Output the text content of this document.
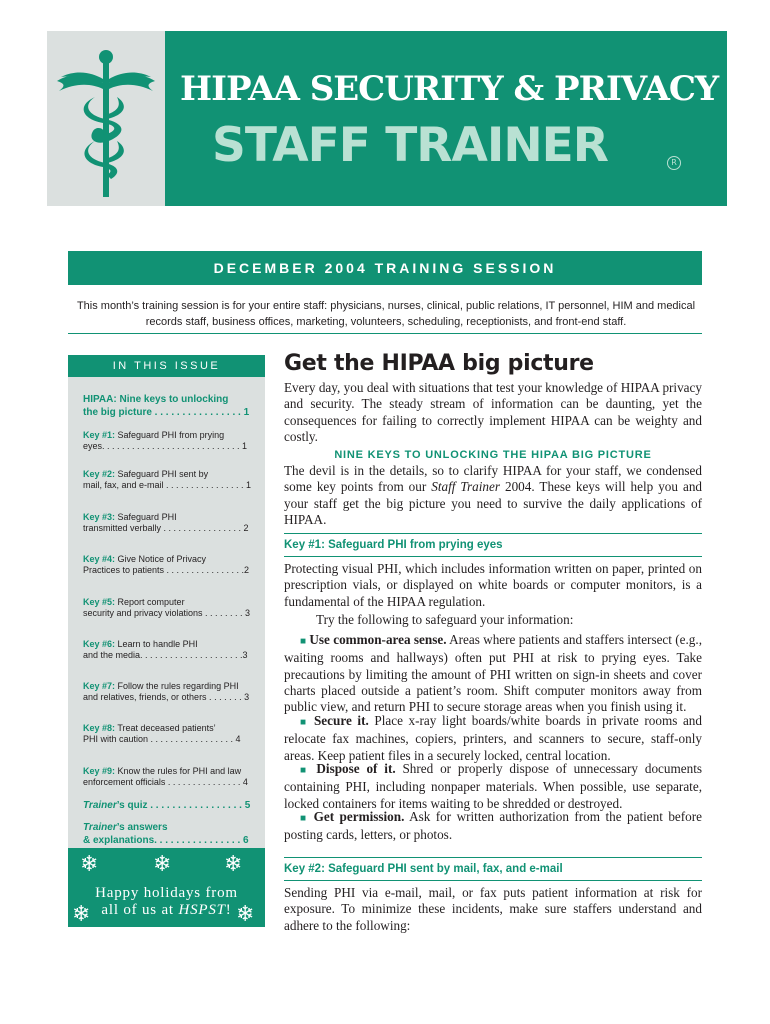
HIPAA SECURITY & PRIVACY
STAFF TRAINER	R
DECEMBER 2004 TRAINING SESSION
This month’s training session is for your entire staff: physicians, nurses, clinical, public relations, IT personnel, HIM and medical
records staff, business offices, marketing, volunteers, scheduling, receptionists, and front-end staff.
IN THIS ISSUE
HIPAA: Nine keys to unlocking
the big picture . . . . . . . . . . . . . . . . 1
Key #1: Safeguard PHI from prying
eyes. . . . . . . . . . . . . . . . . . . . . . . . . . . . 1
Key #2: Safeguard PHI sent by
mail, fax, and e-mail . . . . . . . . . . . . . . . . 1
Key #3: Safeguard PHI
transmitted verbally . . . . . . . . . . . . . . . . 2
Key #4: Give Notice of Privacy
Practices to patients . . . . . . . . . . . . . . . .2
Key #5: Report computer
security and privacy violations . . . . . . . . 3
Key #6: Learn to handle PHI
and the media. . . . . . . . . . . . . . . . . . . . .3
Key #7: Follow the rules regarding PHI
and relatives, friends, or others . . . . . . . 3
Key #8: Treat deceased patients’
PHI with caution . . . . . . . . . . . . . . . . . 4
Key #9: Know the rules for PHI and law
enforcement officials . . . . . . . . . . . . . . . 4
Trainer’s quiz . . . . . . . . . . . . . . . . . 5
Trainer’s answers
& explanations. . . . . . . . . . . . . . . . 6
❄ ❄ ❄
❄	❄
Happy holidays from
all of us at HSPST!
Get the HIPAA big picture
Every day, you deal with situations that test your knowledge of HIPAA privacy and security. The steady stream of information can be daunting, yet the consequences for failing to correctly implement HIPAA can be weighty and costly.
NINE KEYS TO UNLOCKING THE HIPAA BIG PICTURE
The devil is in the details, so to clarify HIPAA for your staff, we condensed some key points from our Staff Trainer 2004. These keys will help you and your staff get the big picture you need to survive the daily applications of HIPAA.
Key #1: Safeguard PHI from prying eyes
Protecting visual PHI, which includes information written on paper, printed on prescription vials, or displayed on white boards or computer monitors, is a fundamental of the HIPAA regulation.
Try the following to safeguard your information:
■ Use common-area sense. Areas where patients and staffers intersect (e.g., waiting rooms and hallways) often put PHI at risk to prying eyes. Take precautions by limiting the amount of PHI written on sign-in sheets and cover charts placed outside a patient’s room. Shift computer monitors away from public view, and return PHI to secure storage areas when you finish using it.
■ Secure it. Place x-ray light boards/white boards in private rooms and relocate fax machines, copiers, printers, and scanners to secure, staff-only areas. Keep patient files in a securely locked, central location.
■ Dispose of it. Shred or properly dispose of unnecessary documents containing PHI, including nonpaper materials. When possible, use separate, locked containers for items waiting to be shredded or destroyed.
■ Get permission. Ask for written authorization from the patient before posting cards, letters, or photos.
Key #2: Safeguard PHI sent by mail, fax, and e-mail
Sending PHI via e-mail, mail, or fax puts patient information at risk for exposure. To minimize these incidents, make sure staffers understand and adhere to the following:
